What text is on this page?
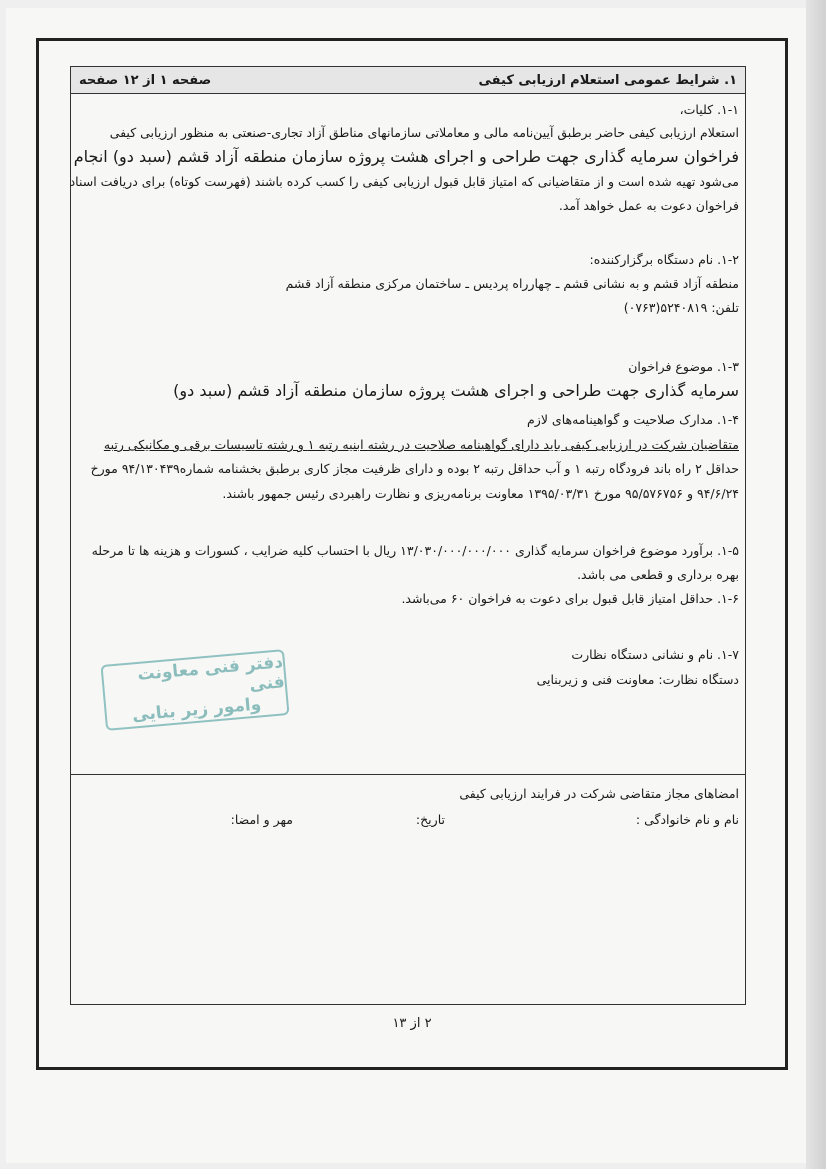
۱. شرایط عمومی استعلام ارزیابی کیفی
صفحه ۱ از ۱۲ صفحه
۱-۱. کلیات،
استعلام ارزیابی کیفی حاضر برطبق آیین‌نامه مالی و معاملاتی سازمانهای مناطق آزاد تجاری-صنعتی به منظور ارزیابی کیفی
فراخوان سرمایه گذاری جهت طراحی و اجرای هشت پروژه سازمان منطقه آزاد قشم (سبد دو) انجام
می‌شود تهیه شده است و از متقاضیانی که امتیاز قابل قبول ارزیابی کیفی را کسب کرده باشند (فهرست کوتاه) برای دریافت اسناد
فراخوان دعوت به عمل خواهد آمد.
۱-۲. نام دستگاه برگزارکننده:
منطقه آزاد قشم و به نشانی قشم ـ چهارراه پردیس ـ ساختمان مرکزی منطقه آزاد قشم
تلفن: ۵۲۴۰۸۱۹(۰۷۶۳)
۱-۳. موضوع فراخوان
سرمایه گذاری جهت طراحی و اجرای هشت پروژه سازمان منطقه آزاد قشم (سبد دو)
۱-۴. مدارک صلاحیت و گواهینامه‌های لازم
متقاضیان شرکت در ارزیابی کیفی باید دارای گواهینامه صلاحیت در رشته ابنیه رتبه ۱ و رشته تاسیسات برقی و مکانیکی رتبه
حداقل ۲ راه باند فرودگاه رتبه ۱ و آب حداقل رتبه ۲ بوده و دارای ظرفیت مجاز کاری برطبق بخشنامه شماره۹۴/۱۳۰۴۳۹ مورخ
۹۴/۶/۲۴ و ۹۵/۵۷۶۷۵۶ مورخ ۱۳۹۵/۰۳/۳۱ معاونت برنامه‌ریزی و نظارت راهبردی رئیس جمهور باشند.
۱-۵. برآورد موضوع فراخوان سرمایه گذاری ۱۳/۰۳۰/۰۰۰/۰۰۰/۰۰۰ ریال با احتساب کلیه ضرایب ، کسورات و هزینه ها تا مرحله
بهره برداری و قطعی می باشد.
۱-۶. حداقل امتیاز قابل قبول برای دعوت به فراخوان ۶۰ می‌باشد.
۱-۷. نام و نشانی دستگاه نظارت
دستگاه نظارت: معاونت فنی و زیربنایی
امضاهای مجاز متقاضی شرکت در فرایند ارزیابی کیفی
نام و نام خانوادگی :
تاریخ:
مهر و امضا:
دفتر فنی معاونت فنی
وامور زیر بنایی
۲ از ۱۳
